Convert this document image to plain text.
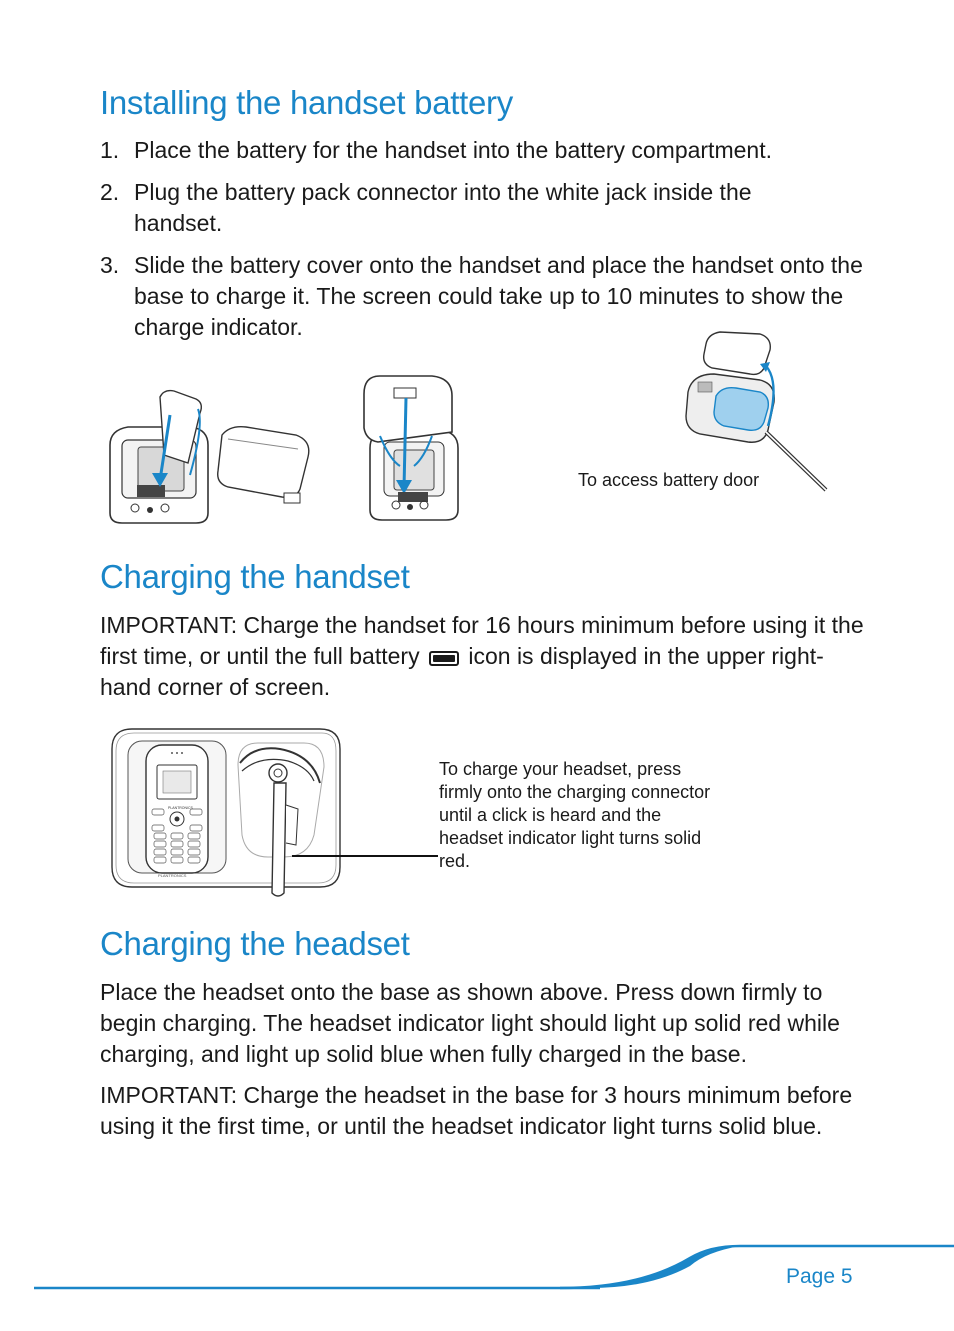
Installing the handset battery
1. Place the battery for the handset into the battery compartment.
2. Plug the battery pack connector into the white jack inside the handset.
3. Slide the battery cover onto the handset and place the handset onto the base to charge it. The screen could take up to 10 minutes to show the charge indicator.
To access battery door
Charging the handset
IMPORTANT: Charge the handset for 16 hours minimum before using it the first time, or until the full battery icon is displayed in the upper right-hand corner of screen.
PLANTRONICS
PLANTRONICS
To charge your headset, press firmly onto the charging connector until a click is heard and the headset indicator light turns solid red.
Charging the headset
Place the headset onto the base as shown above. Press down firmly to begin charging. The headset indicator light should light up solid red while charging, and light up solid blue when fully charged in the base.
IMPORTANT: Charge the headset in the base for 3 hours minimum before using it the first time, or until the headset indicator light turns solid blue.
Page 5
